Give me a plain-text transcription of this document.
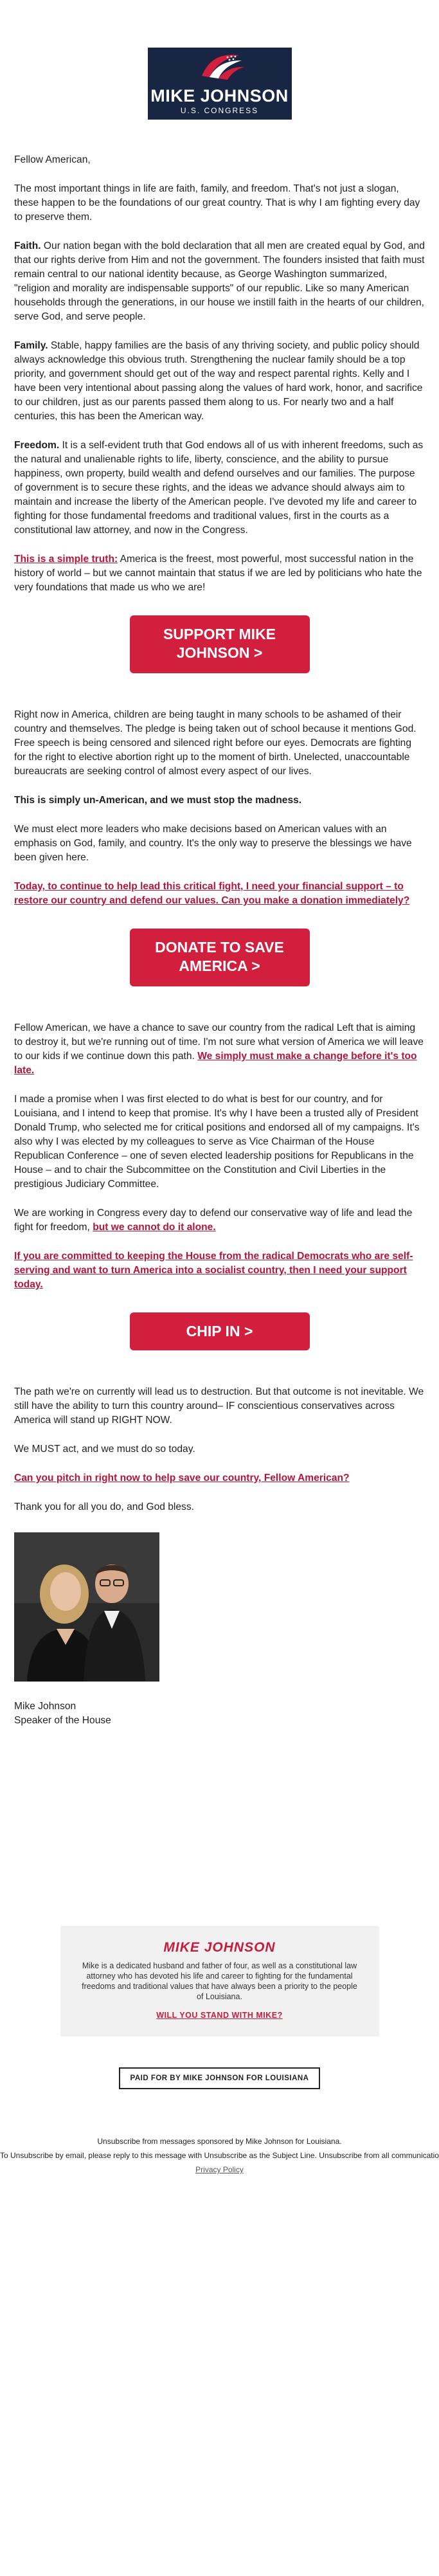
MIKE JOHNSON
U.S. CONGRESS

Fellow American,

The most important things in life are faith, family, and freedom. That's not just a slogan, these happen to be the foundations of our great country. That is why I am fighting every day to preserve them.

Faith. Our nation began with the bold declaration that all men are created equal by God, and that our rights derive from Him and not the government. The founders insisted that faith must remain central to our national identity because, as George Washington summarized, "religion and morality are indispensable supports" of our republic. Like so many American households through the generations, in our house we instill faith in the hearts of our children, serve God, and serve people.

Family. Stable, happy families are the basis of any thriving society, and public policy should always acknowledge this obvious truth. Strengthening the nuclear family should be a top priority, and government should get out of the way and respect parental rights. Kelly and I have been very intentional about passing along the values of hard work, honor, and sacrifice to our children, just as our parents passed them along to us. For nearly two and a half centuries, this has been the American way.

Freedom. It is a self-evident truth that God endows all of us with inherent freedoms, such as the natural and unalienable rights to life, liberty, conscience, and the ability to pursue happiness, own property, build wealth and defend ourselves and our families. The purpose of government is to secure these rights, and the ideas we advance should always aim to maintain and increase the liberty of the American people. I've devoted my life and career to fighting for those fundamental freedoms and traditional values, first in the courts as a constitutional law attorney, and now in the Congress.

This is a simple truth: America is the freest, most powerful, most successful nation in the history of world – but we cannot maintain that status if we are led by politicians who hate the very foundations that made us who we are!

SUPPORT MIKE JOHNSON >

Right now in America, children are being taught in many schools to be ashamed of their country and themselves. The pledge is being taken out of school because it mentions God. Free speech is being censored and silenced right before our eyes. Democrats are fighting for the right to elective abortion right up to the moment of birth. Unelected, unaccountable bureaucrats are seeking control of almost every aspect of our lives.

This is simply un-American, and we must stop the madness.

We must elect more leaders who make decisions based on American values with an emphasis on God, family, and country. It's the only way to preserve the blessings we have been given here.

Today, to continue to help lead this critical fight, I need your financial support – to restore our country and defend our values. Can you make a donation immediately?

DONATE TO SAVE AMERICA >

Fellow American, we have a chance to save our country from the radical Left that is aiming to destroy it, but we're running out of time. I'm not sure what version of America we will leave to our kids if we continue down this path. We simply must make a change before it's too late.

I made a promise when I was first elected to do what is best for our country, and for Louisiana, and I intend to keep that promise. It's why I have been a trusted ally of President Donald Trump, who selected me for critical positions and endorsed all of my campaigns. It's also why I was elected by my colleagues to serve as Vice Chairman of the House Republican Conference – one of seven elected leadership positions for Republicans in the House – and to chair the Subcommittee on the Constitution and Civil Liberties in the prestigious Judiciary Committee.

We are working in Congress every day to defend our conservative way of life and lead the fight for freedom, but we cannot do it alone.

If you are committed to keeping the House from the radical Democrats who are self-serving and want to turn America into a socialist country, then I need your support today.

CHIP IN >

The path we're on currently will lead us to destruction. But that outcome is not inevitable. We still have the ability to turn this country around– IF conscientious conservatives across America will stand up RIGHT NOW.

We MUST act, and we must do so today.

Can you pitch in right now to help save our country, Fellow American?

Thank you for all you do, and God bless.

Mike Johnson

Speaker of the House

MIKE JOHNSON
Mike is a dedicated husband and father of four, as well as a constitutional law attorney who has devoted his life and career to fighting for the fundamental freedoms and traditional values that have always been a priority to the people of Louisiana.
WILL YOU STAND WITH MIKE?
PAID FOR BY MIKE JOHNSON FOR LOUISIANA
Unsubscribe from messages sponsored by Mike Johnson for Louisiana.
To Unsubscribe by email, please reply to this message with Unsubscribe as the Subject Line. Unsubscribe from all communicatio
Privacy Policy
